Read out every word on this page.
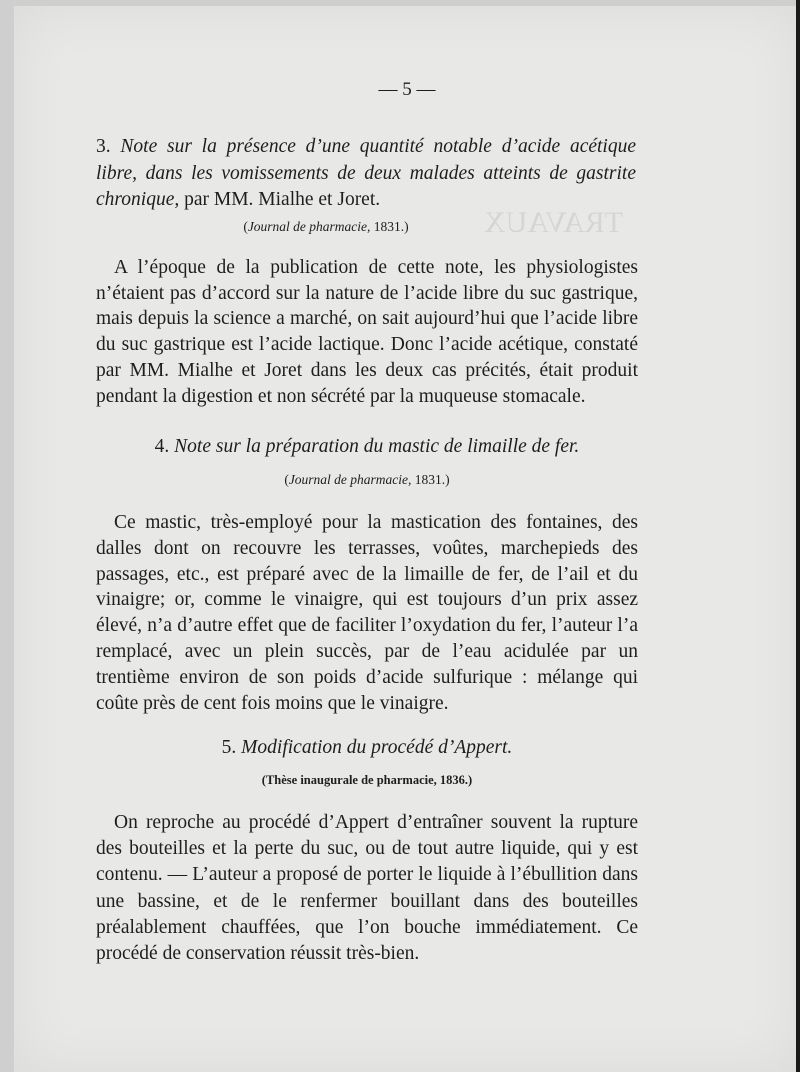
TRAVAUX
— 5 —
3. Note sur la présence d’une quantité notable d’acide acétique libre, dans les vomissements de deux malades atteints de gastrite chronique, par MM. Mialhe et Joret.
(Journal de pharmacie, 1831.)
A l’époque de la publication de cette note, les physiologistes n’étaient pas d’accord sur la nature de l’acide libre du suc gastrique, mais depuis la science a marché, on sait aujourd’hui que l’acide libre du suc gastrique est l’acide lactique. Donc l’acide acétique, constaté par MM. Mialhe et Joret dans les deux cas précités, était produit pendant la digestion et non sécrété par la muqueuse stomacale.
4. Note sur la préparation du mastic de limaille de fer.
(Journal de pharmacie, 1831.)
Ce mastic, très-employé pour la mastication des fontaines, des dalles dont on recouvre les terrasses, voûtes, marchepieds des passages, etc., est préparé avec de la limaille de fer, de l’ail et du vinaigre; or, comme le vinaigre, qui est toujours d’un prix assez élevé, n’a d’autre effet que de faciliter l’oxydation du fer, l’auteur l’a remplacé, avec un plein succès, par de l’eau acidulée par un trentième environ de son poids d’acide sulfurique : mélange qui coûte près de cent fois moins que le vinaigre.
5. Modification du procédé d’Appert.
(Thèse inaugurale de pharmacie, 1836.)
On reproche au procédé d’Appert d’entraîner souvent la rupture des bouteilles et la perte du suc, ou de tout autre liquide, qui y est contenu. — L’auteur a proposé de porter le liquide à l’ébullition dans une bassine, et de le renfermer bouillant dans des bouteilles préalablement chauffées, que l’on bouche immédiatement. Ce procédé de conservation réussit très-bien.
